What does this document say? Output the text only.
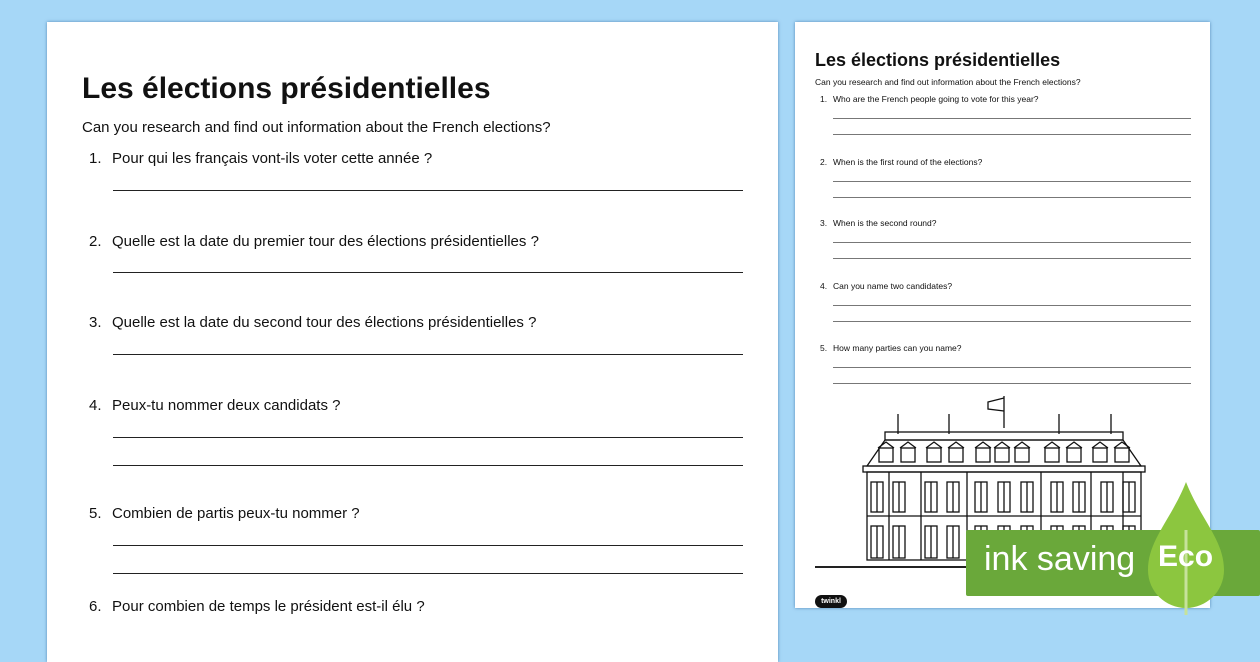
Les élections présidentielles
Can you research and find out information about the French elections?
1. Pour qui les français vont-ils voter cette année ?
2. Quelle est la date du premier tour des élections présidentielles ?
3. Quelle est la date du second tour des élections présidentielles ?
4. Peux-tu nommer deux candidats ?
5. Combien de partis peux-tu nommer ?
6. Pour combien de temps le président est-il élu ?
Les élections présidentielles
Can you research and find out information about the French elections?
1. Who are the French people going to vote for this year?
2. When is the first round of the elections?
3. When is the second round?
4. Can you name two candidates?
5. How many parties can you name?
twinkl
ink saving Eco
